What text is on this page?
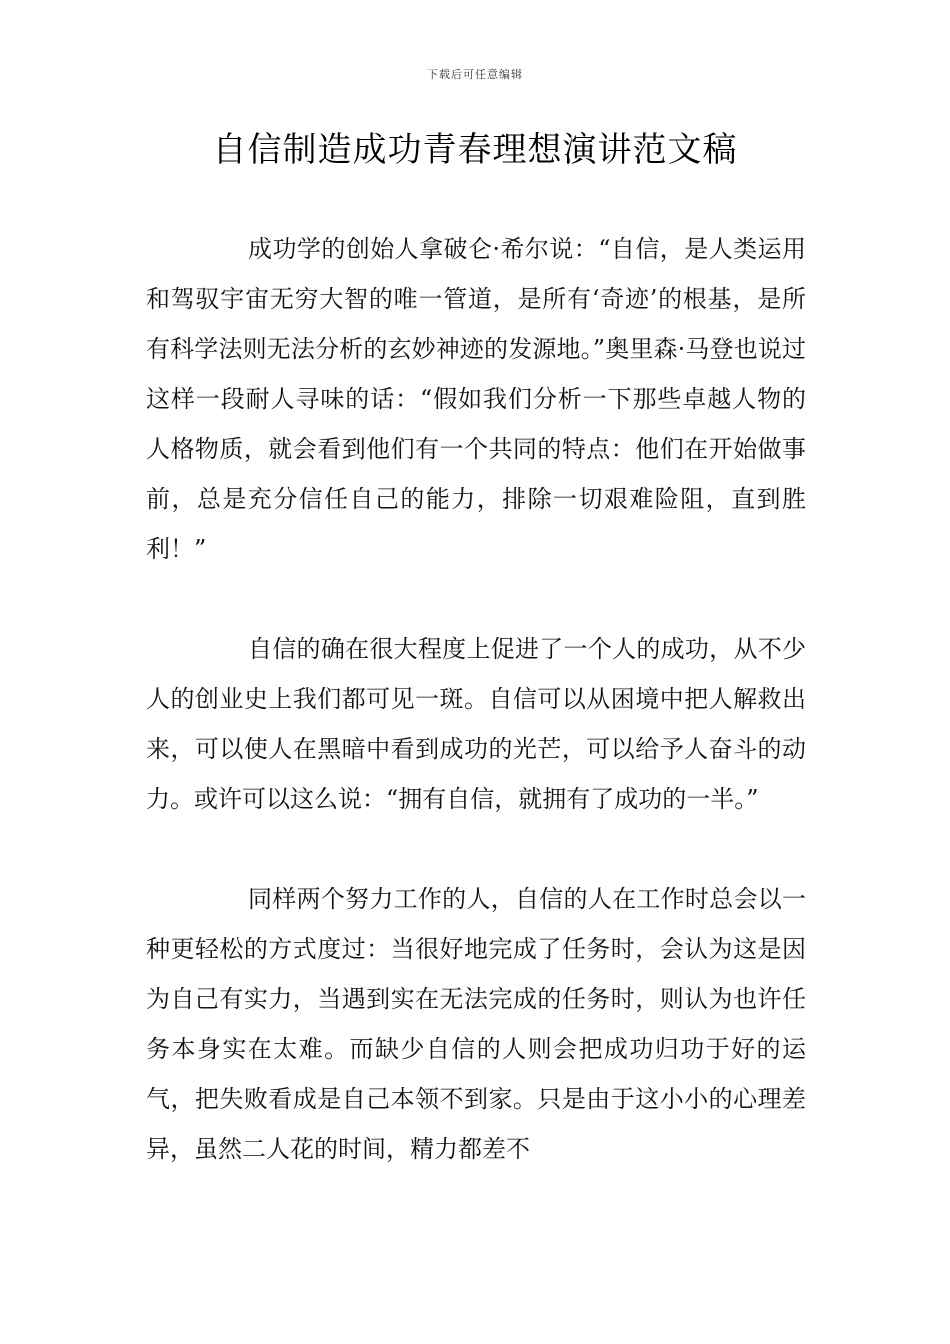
下载后可任意编辑
自信制造成功青春理想演讲范文稿

成功学的创始人拿破仑·希尔说：“自信，是人类运用和驾驭宇宙无穷大智的唯一管道，是所有‘奇迹’的根基，是所有科学法则无法分析的玄妙神迹的发源地。”奥里森·马登也说过这样一段耐人寻味的话：“假如我们分析一下那些卓越人物的人格物质，就会看到他们有一个共同的特点：他们在开始做事前，总是充分信任自己的能力，排除一切艰难险阻，直到胜利！”

自信的确在很大程度上促进了一个人的成功，从不少人的创业史上我们都可见一斑。自信可以从困境中把人解救出来，可以使人在黑暗中看到成功的光芒，可以给予人奋斗的动力。或许可以这么说：“拥有自信，就拥有了成功的一半。”

同样两个努力工作的人，自信的人在工作时总会以一种更轻松的方式度过：当很好地完成了任务时，会认为这是因为自己有实力，当遇到实在无法完成的任务时，则认为也许任务本身实在太难。而缺少自信的人则会把成功归功于好的运气，把失败看成是自己本领不到家。只是由于这小小的心理差异，虽然二人花的时间，精力都差不
